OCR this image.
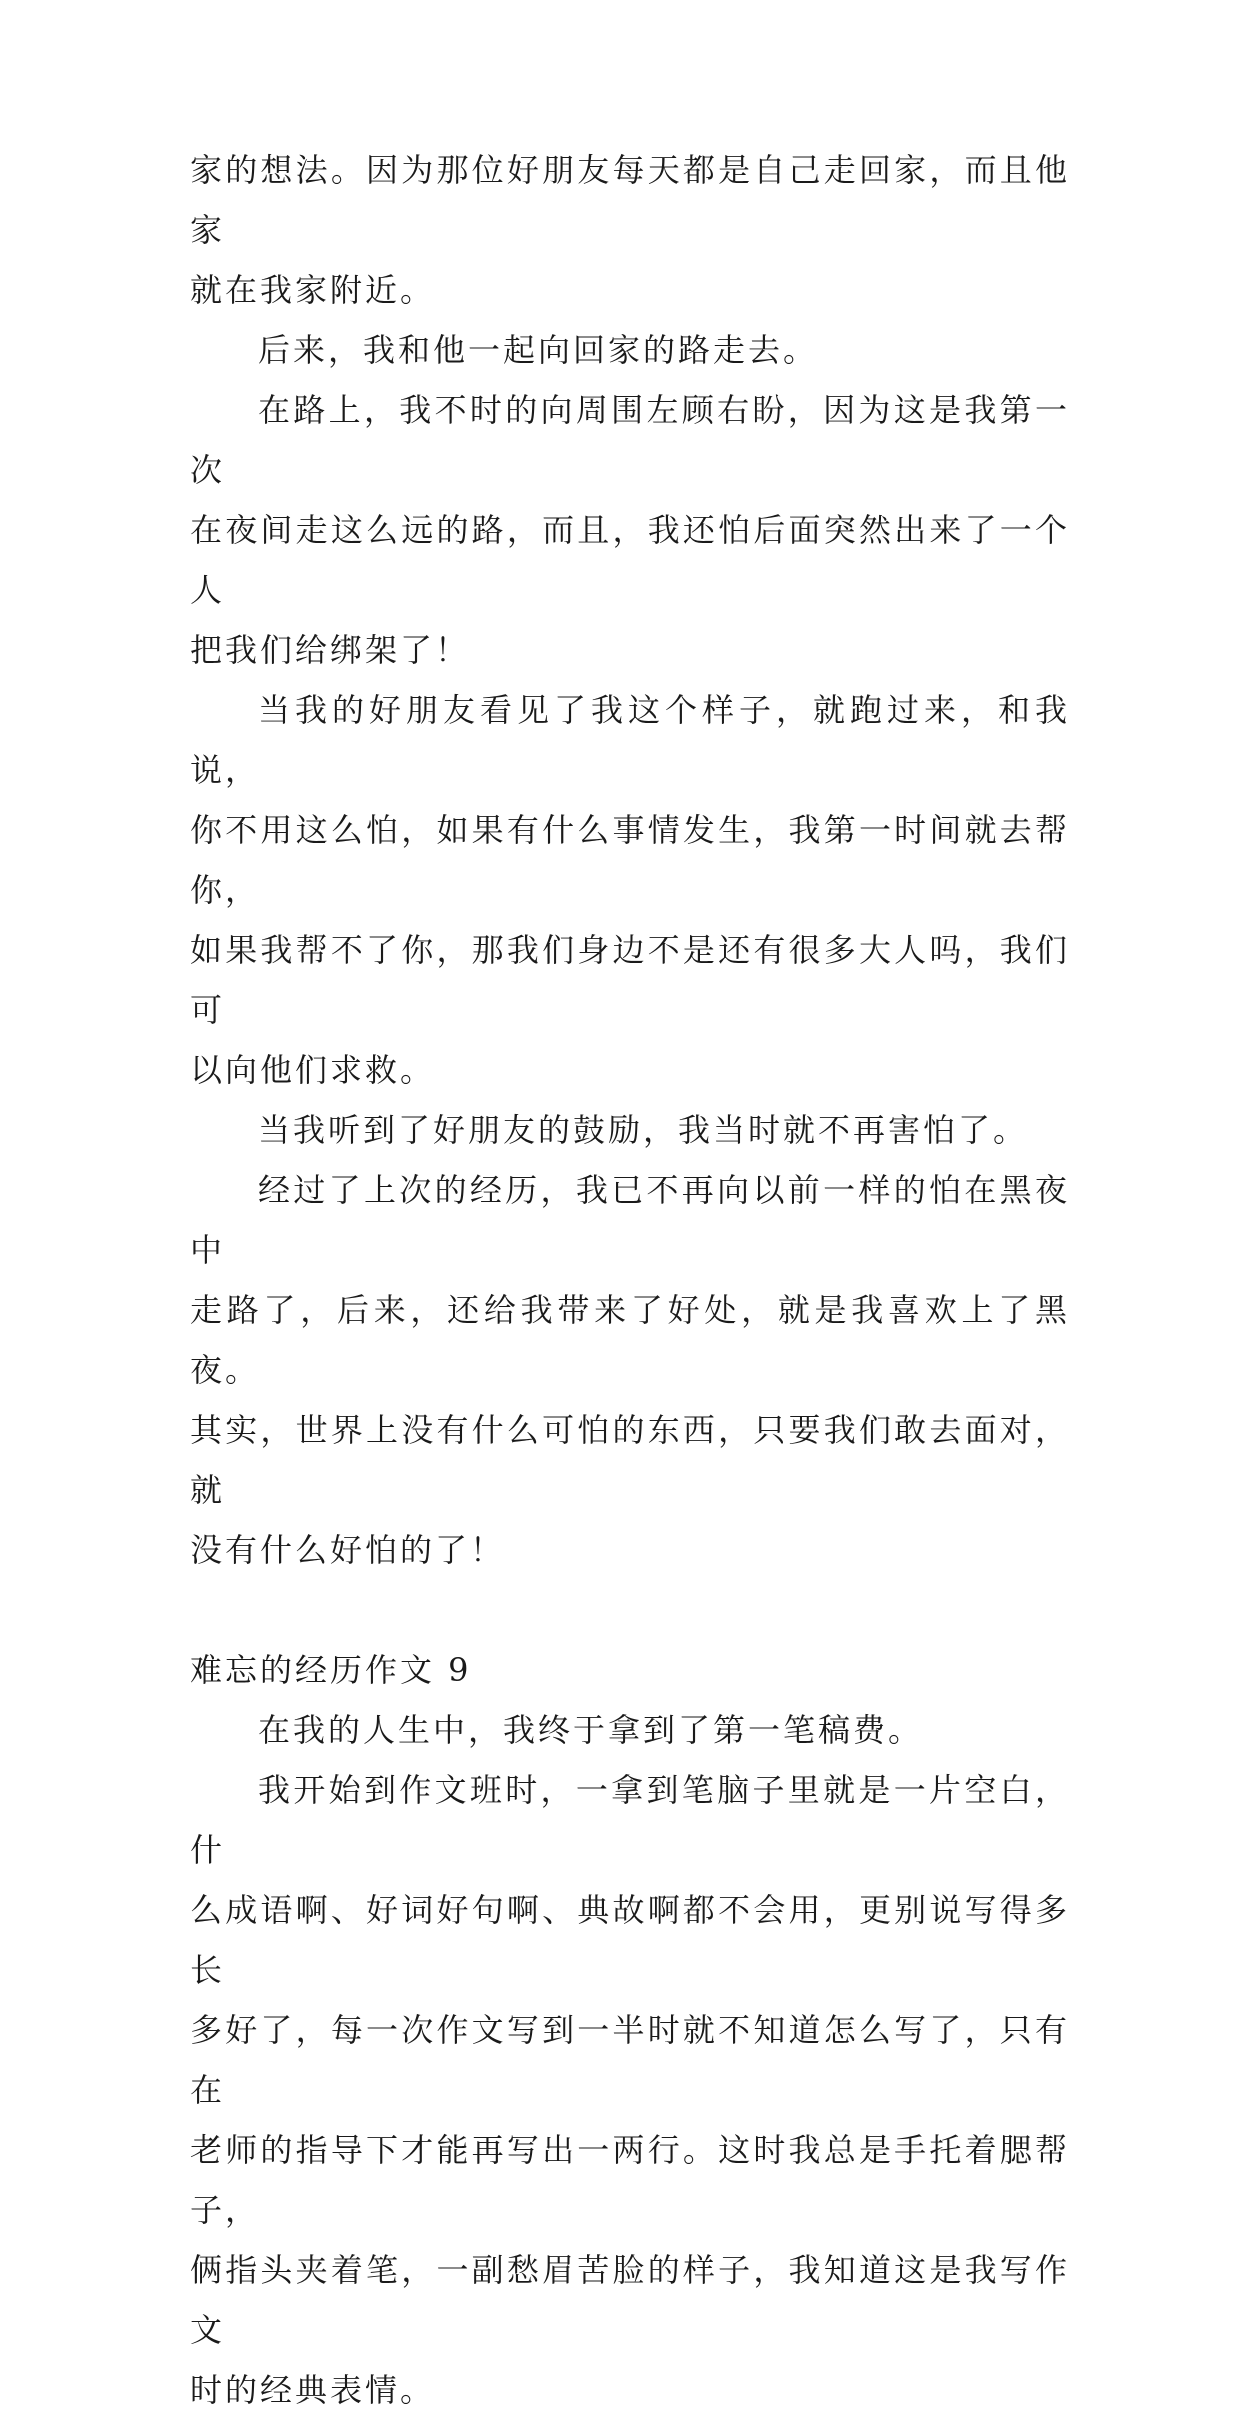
家的想法。因为那位好朋友每天都是自己走回家，而且他家
就在我家附近。

后来，我和他一起向回家的路走去。

在路上，我不时的向周围左顾右盼，因为这是我第一次
在夜间走这么远的路，而且，我还怕后面突然出来了一个人
把我们给绑架了！

当我的好朋友看见了我这个样子，就跑过来，和我说，
你不用这么怕，如果有什么事情发生，我第一时间就去帮你，
如果我帮不了你，那我们身边不是还有很多大人吗，我们可
以向他们求救。

当我听到了好朋友的鼓励，我当时就不再害怕了。

经过了上次的经历，我已不再向以前一样的怕在黑夜中
走路了，后来，还给我带来了好处，就是我喜欢上了黑夜。
其实，世界上没有什么可怕的东西，只要我们敢去面对，就
没有什么好怕的了！

难忘的经历作文 9

在我的人生中，我终于拿到了第一笔稿费。

我开始到作文班时，一拿到笔脑子里就是一片空白，什
么成语啊、好词好句啊、典故啊都不会用，更别说写得多长
多好了，每一次作文写到一半时就不知道怎么写了，只有在
老师的指导下才能再写出一两行。这时我总是手托着腮帮子，
俩指头夹着笔，一副愁眉苦脸的样子，我知道这是我写作文
时的经典表情。
